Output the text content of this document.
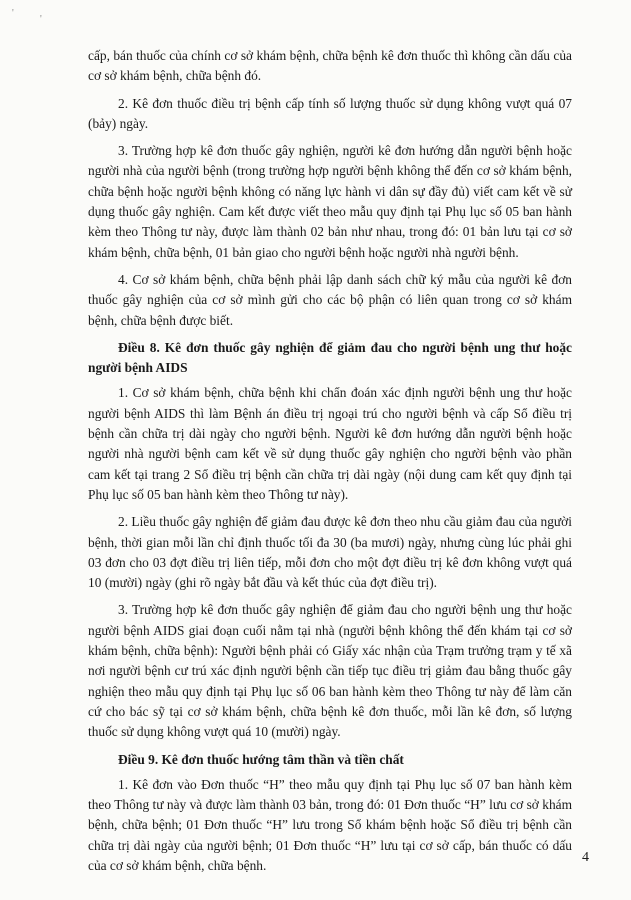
'
'

cấp, bán thuốc của chính cơ sở khám bệnh, chữa bệnh kê đơn thuốc thì không cần dấu của cơ sở khám bệnh, chữa bệnh đó.

2. Kê đơn thuốc điều trị bệnh cấp tính số lượng thuốc sử dụng không vượt quá 07 (bảy) ngày.

3. Trường hợp kê đơn thuốc gây nghiện, người kê đơn hướng dẫn người bệnh hoặc người nhà của người bệnh (trong trường hợp người bệnh không thể đến cơ sở khám bệnh, chữa bệnh hoặc người bệnh không có năng lực hành vi dân sự đầy đủ) viết cam kết về sử dụng thuốc gây nghiện. Cam kết được viết theo mẫu quy định tại Phụ lục số 05 ban hành kèm theo Thông tư này, được làm thành 02 bản như nhau, trong đó: 01 bản lưu tại cơ sở khám bệnh, chữa bệnh, 01 bản giao cho người bệnh hoặc người nhà người bệnh.

4. Cơ sở khám bệnh, chữa bệnh phải lập danh sách chữ ký mẫu của người kê đơn thuốc gây nghiện của cơ sở mình gửi cho các bộ phận có liên quan trong cơ sở khám bệnh, chữa bệnh được biết.

Điều 8. Kê đơn thuốc gây nghiện để giảm đau cho người bệnh ung thư hoặc người bệnh AIDS

1. Cơ sở khám bệnh, chữa bệnh khi chẩn đoán xác định người bệnh ung thư hoặc người bệnh AIDS thì làm Bệnh án điều trị ngoại trú cho người bệnh và cấp Sổ điều trị bệnh cần chữa trị dài ngày cho người bệnh. Người kê đơn hướng dẫn người bệnh hoặc người nhà người bệnh cam kết về sử dụng thuốc gây nghiện cho người bệnh vào phần cam kết tại trang 2 Sổ điều trị bệnh cần chữa trị dài ngày (nội dung cam kết quy định tại Phụ lục số 05 ban hành kèm theo Thông tư này).

2. Liều thuốc gây nghiện để giảm đau được kê đơn theo nhu cầu giảm đau của người bệnh, thời gian mỗi lần chỉ định thuốc tối đa 30 (ba mươi) ngày, nhưng cùng lúc phải ghi 03 đơn cho 03 đợt điều trị liên tiếp, mỗi đơn cho một đợt điều trị kê đơn không vượt quá 10 (mười) ngày (ghi rõ ngày bắt đầu và kết thúc của đợt điều trị).

3. Trường hợp kê đơn thuốc gây nghiện để giảm đau cho người bệnh ung thư hoặc người bệnh AIDS giai đoạn cuối nằm tại nhà (người bệnh không thể đến khám tại cơ sở khám bệnh, chữa bệnh): Người bệnh phải có Giấy xác nhận của Trạm trưởng trạm y tế xã nơi người bệnh cư trú xác định người bệnh cần tiếp tục điều trị giảm đau bằng thuốc gây nghiện theo mẫu quy định tại Phụ lục số 06 ban hành kèm theo Thông tư này để làm căn cứ cho bác sỹ tại cơ sở khám bệnh, chữa bệnh kê đơn thuốc, mỗi lần kê đơn, số lượng thuốc sử dụng không vượt quá 10 (mười) ngày.

Điều 9. Kê đơn thuốc hướng tâm thần và tiền chất

1. Kê đơn vào Đơn thuốc “H” theo mẫu quy định tại Phụ lục số 07 ban hành kèm theo Thông tư này và được làm thành 03 bản, trong đó: 01 Đơn thuốc “H” lưu cơ sở khám bệnh, chữa bệnh; 01 Đơn thuốc “H” lưu trong Sổ khám bệnh hoặc Sổ điều trị bệnh cần chữa trị dài ngày của người bệnh; 01 Đơn thuốc “H” lưu tại cơ sở cấp, bán thuốc có dấu của cơ sở khám bệnh, chữa bệnh.

4
